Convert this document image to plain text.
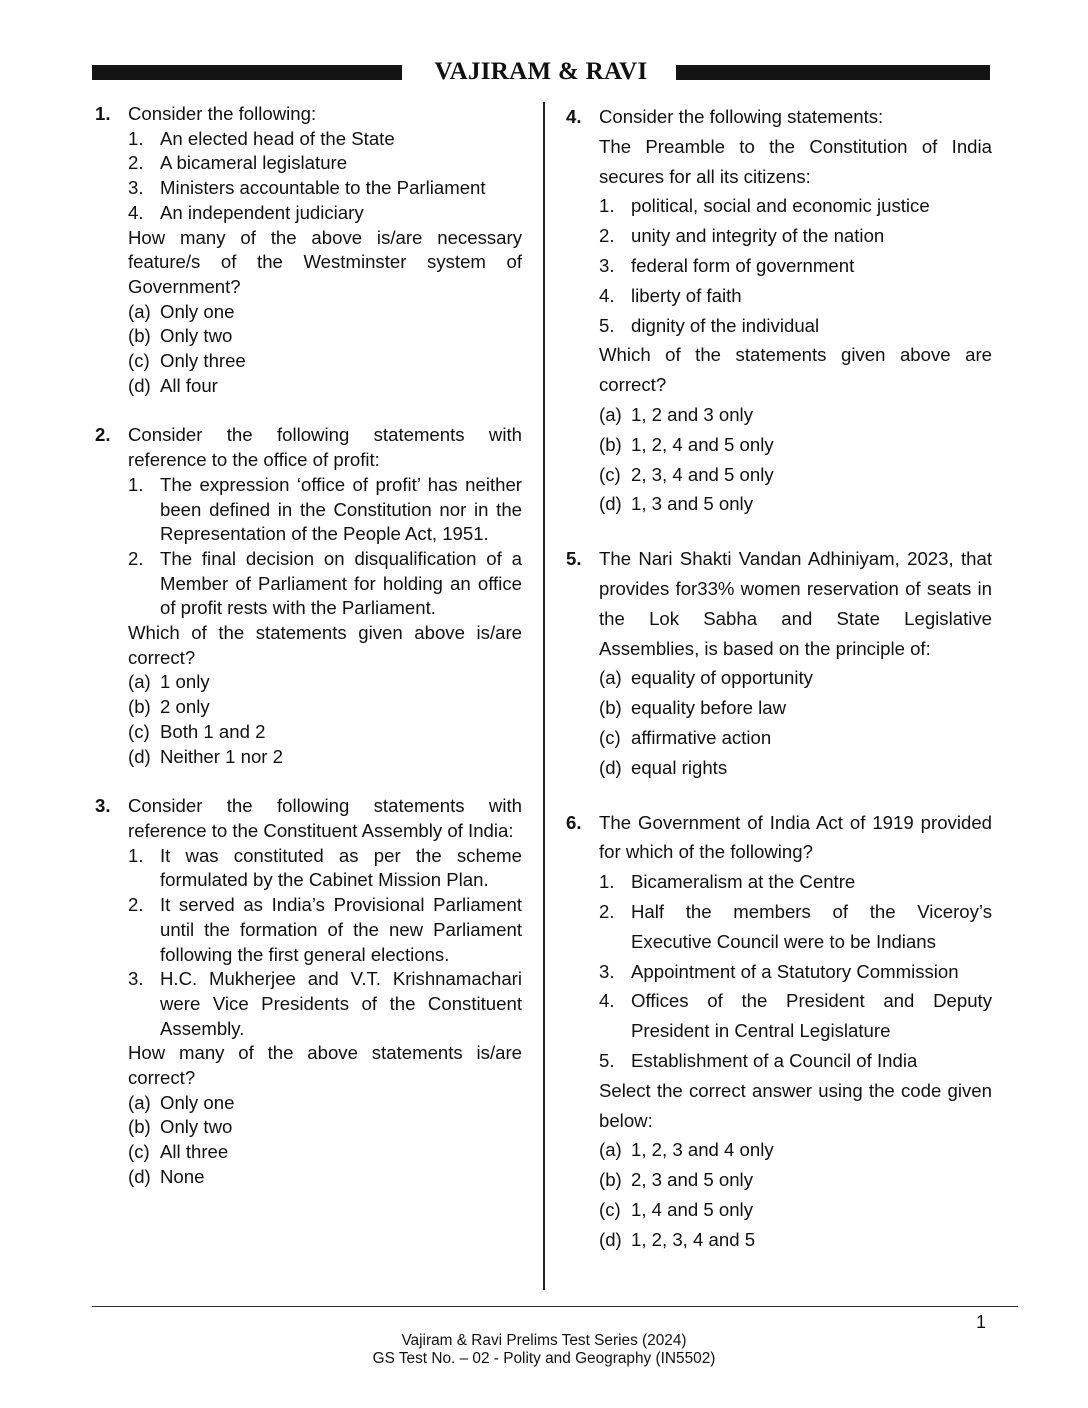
VAJIRAM & RAVI
1. Consider the following:
1. An elected head of the State
2. A bicameral legislature
3. Ministers accountable to the Parliament
4. An independent judiciary
How many of the above is/are necessary feature/s of the Westminster system of Government?
(a) Only one
(b) Only two
(c) Only three
(d) All four
2. Consider the following statements with reference to the office of profit:
1. The expression ‘office of profit’ has neither been defined in the Constitution nor in the Representation of the People Act, 1951.
2. The final decision on disqualification of a Member of Parliament for holding an office of profit rests with the Parliament.
Which of the statements given above is/are correct?
(a) 1 only
(b) 2 only
(c) Both 1 and 2
(d) Neither 1 nor 2
3. Consider the following statements with reference to the Constituent Assembly of India:
1. It was constituted as per the scheme formulated by the Cabinet Mission Plan.
2. It served as India’s Provisional Parliament until the formation of the new Parliament following the first general elections.
3. H.C. Mukherjee and V.T. Krishnamachari were Vice Presidents of the Constituent Assembly.
How many of the above statements is/are correct?
(a) Only one
(b) Only two
(c) All three
(d) None
4. Consider the following statements:
The Preamble to the Constitution of India secures for all its citizens:
1. political, social and economic justice
2. unity and integrity of the nation
3. federal form of government
4. liberty of faith
5. dignity of the individual
Which of the statements given above are correct?
(a) 1, 2 and 3 only
(b) 1, 2, 4 and 5 only
(c) 2, 3, 4 and 5 only
(d) 1, 3 and 5 only
5. The Nari Shakti Vandan Adhiniyam, 2023, that provides for33% women reservation of seats in the Lok Sabha and State Legislative Assemblies, is based on the principle of:
(a) equality of opportunity
(b) equality before law
(c) affirmative action
(d) equal rights
6. The Government of India Act of 1919 provided for which of the following?
1. Bicameralism at the Centre
2. Half the members of the Viceroy’s Executive Council were to be Indians
3. Appointment of a Statutory Commission
4. Offices of the President and Deputy President in Central Legislature
5. Establishment of a Council of India
Select the correct answer using the code given below:
(a) 1, 2, 3 and 4 only
(b) 2, 3 and 5 only
(c) 1, 4 and 5 only
(d) 1, 2, 3, 4 and 5
1
Vajiram & Ravi Prelims Test Series (2024)
GS Test No. – 02 - Polity and Geography (IN5502)
